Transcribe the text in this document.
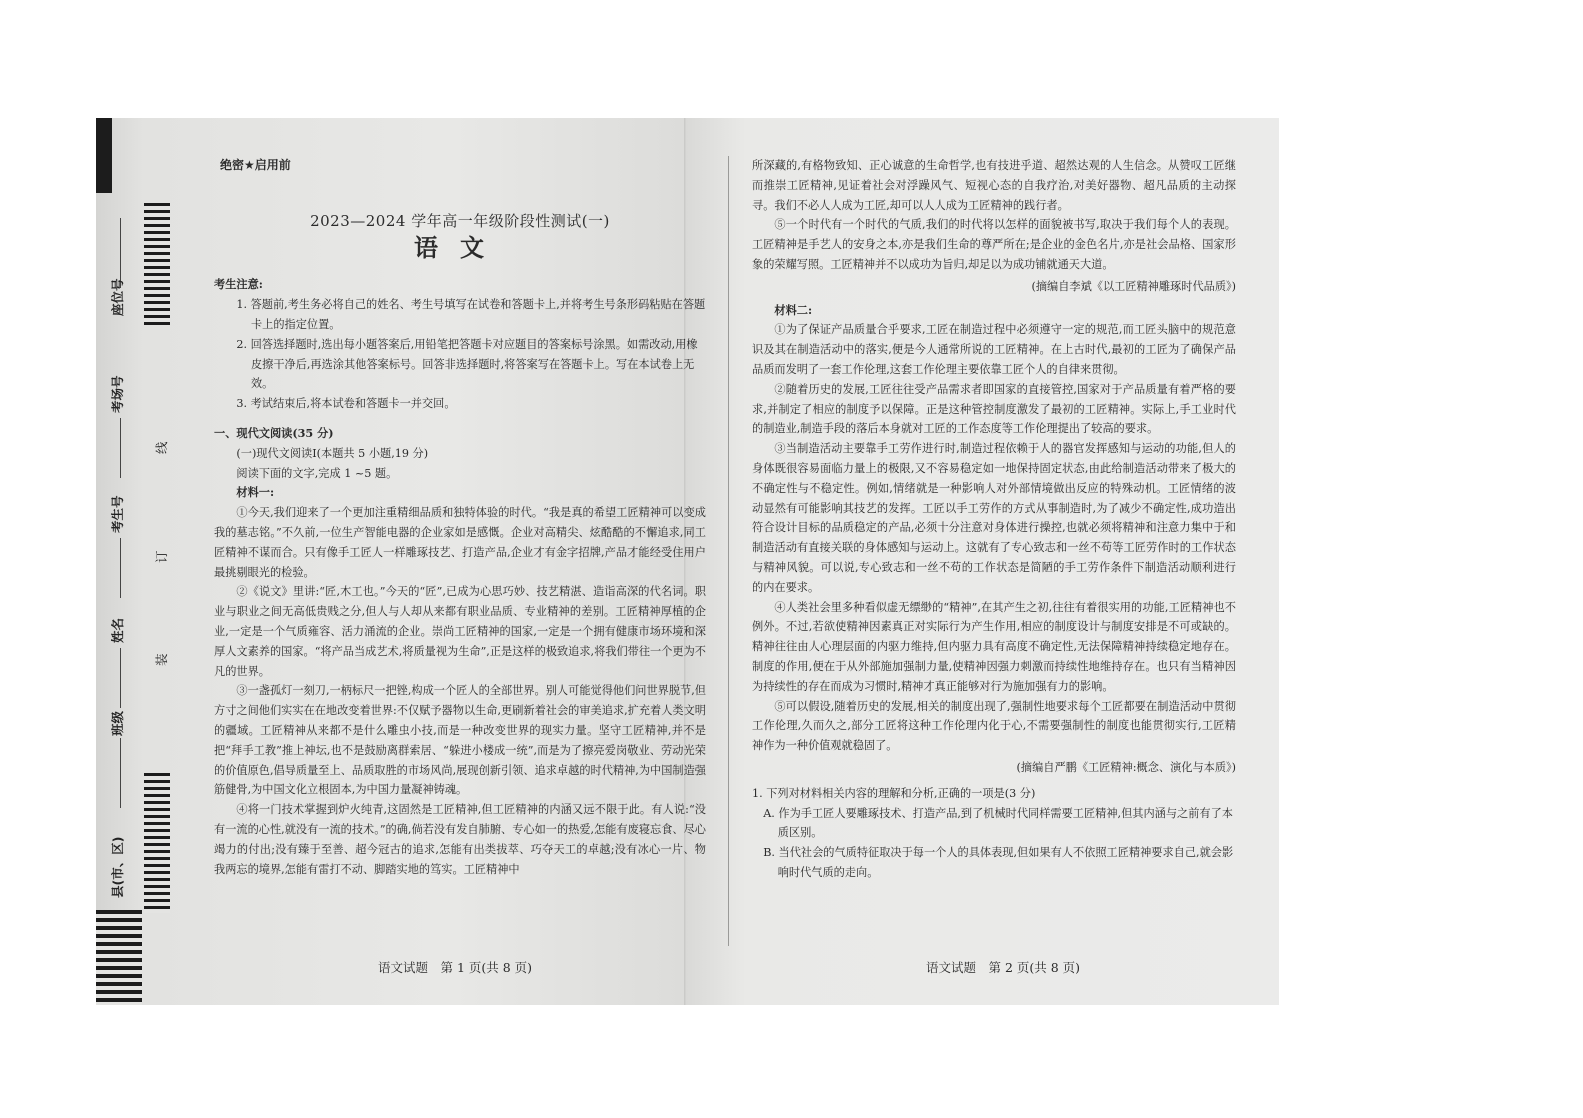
座位号
考场号
考生号
姓名
班级
县(市、区)
线
订
装
绝密★启用前
2023—2024 学年高一年级阶段性测试(一)
语文
考生注意:
1. 答题前,考生务必将自己的姓名、考生号填写在试卷和答题卡上,并将考生号条形码粘贴在答题卡上的指定位置。
2. 回答选择题时,选出每小题答案后,用铅笔把答题卡对应题目的答案标号涂黑。如需改动,用橡皮擦干净后,再选涂其他答案标号。回答非选择题时,将答案写在答题卡上。写在本试卷上无效。
3. 考试结束后,将本试卷和答题卡一并交回。
一、现代文阅读(35 分)
(一)现代文阅读Ⅰ(本题共 5 小题,19 分)
阅读下面的文字,完成 1 ~5 题。
材料一:

①今天,我们迎来了一个更加注重精细品质和独特体验的时代。“我是真的希望工匠精神可以变成我的墓志铭。”不久前,一位生产智能电器的企业家如是感慨。企业对高精尖、炫酷酷的不懈追求,同工匠精神不谋而合。只有像手工匠人一样雕琢技艺、打造产品,企业才有金字招牌,产品才能经受住用户最挑剔眼光的检验。

②《说文》里讲:“匠,木工也。”今天的“匠”,已成为心思巧妙、技艺精湛、造诣高深的代名词。职业与职业之间无高低贵贱之分,但人与人却从来都有职业品质、专业精神的差别。工匠精神厚植的企业,一定是一个气质雍容、活力涌流的企业。崇尚工匠精神的国家,一定是一个拥有健康市场环境和深厚人文素养的国家。“将产品当成艺术,将质量视为生命”,正是这样的极致追求,将我们带往一个更为不凡的世界。

③一盏孤灯一刻刀,一柄标尺一把锉,构成一个匠人的全部世界。别人可能觉得他们问世界脱节,但方寸之间他们实实在在地改变着世界:不仅赋予器物以生命,更刷新着社会的审美追求,扩充着人类文明的疆域。工匠精神从来都不是什么雕虫小技,而是一种改变世界的现实力量。坚守工匠精神,并不是把“拜手工教”推上神坛,也不是鼓励离群索居、“躲进小楼成一统”,而是为了擦亮爱岗敬业、劳动光荣的价值原色,倡导质量至上、品质取胜的市场风尚,展现创新引领、追求卓越的时代精神,为中国制造强筋健骨,为中国文化立根固本,为中国力量凝神铸魂。

④将一门技术掌握到炉火纯青,这固然是工匠精神,但工匠精神的内涵又远不限于此。有人说:“没有一流的心性,就没有一流的技术。”的确,倘若没有发自肺腑、专心如一的热爱,怎能有废寝忘食、尽心竭力的付出;没有臻于至善、超今冠古的追求,怎能有出类拔萃、巧夺天工的卓越;没有冰心一片、物我两忘的境界,怎能有雷打不动、脚踏实地的笃实。工匠精神中

所深藏的,有格物致知、正心诚意的生命哲学,也有技进乎道、超然达观的人生信念。从赞叹工匠继而推崇工匠精神,见证着社会对浮躁风气、短视心态的自我疗治,对美好器物、超凡品质的主动探寻。我们不必人人成为工匠,却可以人人成为工匠精神的践行者。

⑤一个时代有一个时代的气质,我们的时代将以怎样的面貌被书写,取决于我们每个人的表现。工匠精神是手艺人的安身之本,亦是我们生命的尊严所在;是企业的金色名片,亦是社会品格、国家形象的荣耀写照。工匠精神并不以成功为旨归,却足以为成功铺就通天大道。

(摘编自李斌《以工匠精神雕琢时代品质》)
材料二:

①为了保证产品质量合乎要求,工匠在制造过程中必须遵守一定的规范,而工匠头脑中的规范意识及其在制造活动中的落实,便是今人通常所说的工匠精神。在上古时代,最初的工匠为了确保产品品质而发明了一套工作伦理,这套工作伦理主要依靠工匠个人的自律来贯彻。

②随着历史的发展,工匠往往受产品需求者即国家的直接管控,国家对于产品质量有着严格的要求,并制定了相应的制度予以保障。正是这种管控制度激发了最初的工匠精神。实际上,手工业时代的制造业,制造手段的落后本身就对工匠的工作态度等工作伦理提出了较高的要求。

③当制造活动主要靠手工劳作进行时,制造过程依赖于人的器官发挥感知与运动的功能,但人的身体既很容易面临力量上的极限,又不容易稳定如一地保持固定状态,由此给制造活动带来了极大的不确定性与不稳定性。例如,情绪就是一种影响人对外部情境做出反应的特殊动机。工匠情绪的波动显然有可能影响其技艺的发挥。工匠以手工劳作的方式从事制造时,为了减少不确定性,成功造出符合设计目标的品质稳定的产品,必须十分注意对身体进行操控,也就必须将精神和注意力集中于和制造活动有直接关联的身体感知与运动上。这就有了专心致志和一丝不苟等工匠劳作时的工作状态与精神风貌。可以说,专心致志和一丝不苟的工作状态是简陋的手工劳作条件下制造活动顺利进行的内在要求。

④人类社会里多种看似虚无缥缈的“精神”,在其产生之初,往往有着很实用的功能,工匠精神也不例外。不过,若欲使精神因素真正对实际行为产生作用,相应的制度设计与制度安排是不可或缺的。精神往往由人心理层面的内驱力维持,但内驱力具有高度不确定性,无法保障精神持续稳定地存在。制度的作用,便在于从外部施加强制力量,使精神因强力刺激而持续性地维持存在。也只有当精神因为持续性的存在而成为习惯时,精神才真正能够对行为施加强有力的影响。

⑤可以假设,随着历史的发展,相关的制度出现了,强制性地要求每个工匠都要在制造活动中贯彻工作伦理,久而久之,部分工匠将这种工作伦理内化于心,不需要强制性的制度也能贯彻实行,工匠精神作为一种价值观就稳固了。

(摘编自严鹏《工匠精神:概念、演化与本质》)
1. 下列对材料相关内容的理解和分析,正确的一项是(3 分)
A. 作为手工匠人要雕琢技术、打造产品,到了机械时代同样需要工匠精神,但其内涵与之前有了本质区别。
B. 当代社会的气质特征取决于每一个人的具体表现,但如果有人不依照工匠精神要求自己,就会影响时代气质的走向。
语文试题　第 1 页(共 8 页)	语文试题　第 2 页(共 8 页)
